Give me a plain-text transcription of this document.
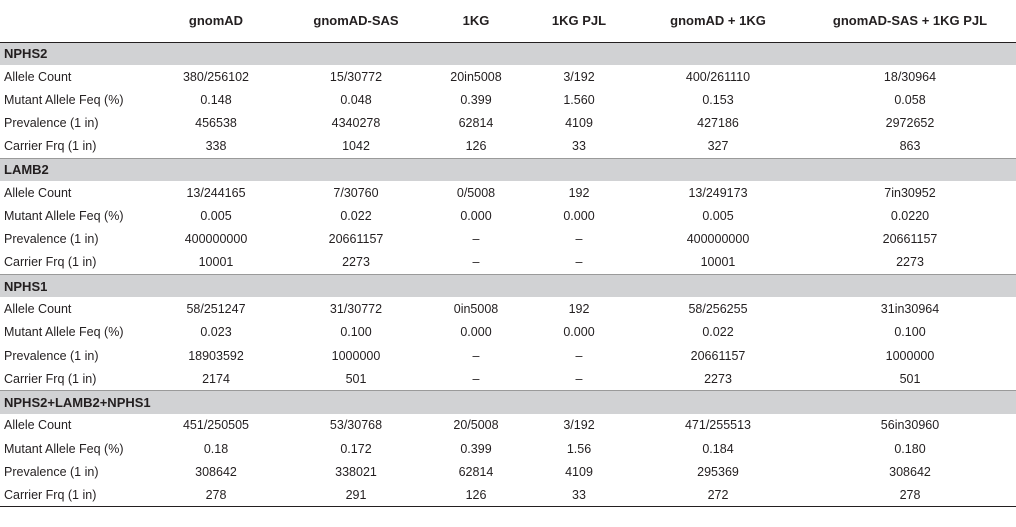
	gnomAD	gnomAD-SAS	1KG	1KG PJL	gnomAD + 1KG	gnomAD-SAS + 1KG PJL
NPHS2						
Allele Count	380/256102	15/30772	20in5008	3/192	400/261110	18/30964
Mutant Allele Feq (%)	0.148	0.048	0.399	1.560	0.153	0.058
Prevalence (1 in)	456538	4340278	62814	4109	427186	2972652
Carrier Frq (1 in)	338	1042	126	33	327	863
LAMB2						
Allele Count	13/244165	7/30760	0/5008	192	13/249173	7in30952
Mutant Allele Feq (%)	0.005	0.022	0.000	0.000	0.005	0.0220
Prevalence (1 in)	400000000	20661157	–	–	400000000	20661157
Carrier Frq (1 in)	10001	2273	–	–	10001	2273
NPHS1						
Allele Count	58/251247	31/30772	0in5008	192	58/256255	31in30964
Mutant Allele Feq (%)	0.023	0.100	0.000	0.000	0.022	0.100
Prevalence (1 in)	18903592	1000000	–	–	20661157	1000000
Carrier Frq (1 in)	2174	501	–	–	2273	501
NPHS2+LAMB2+NPHS1						
Allele Count	451/250505	53/30768	20/5008	3/192	471/255513	56in30960
Mutant Allele Feq (%)	0.18	0.172	0.399	1.56	0.184	0.180
Prevalence (1 in)	308642	338021	62814	4109	295369	308642
Carrier Frq (1 in)	278	291	126	33	272	278
